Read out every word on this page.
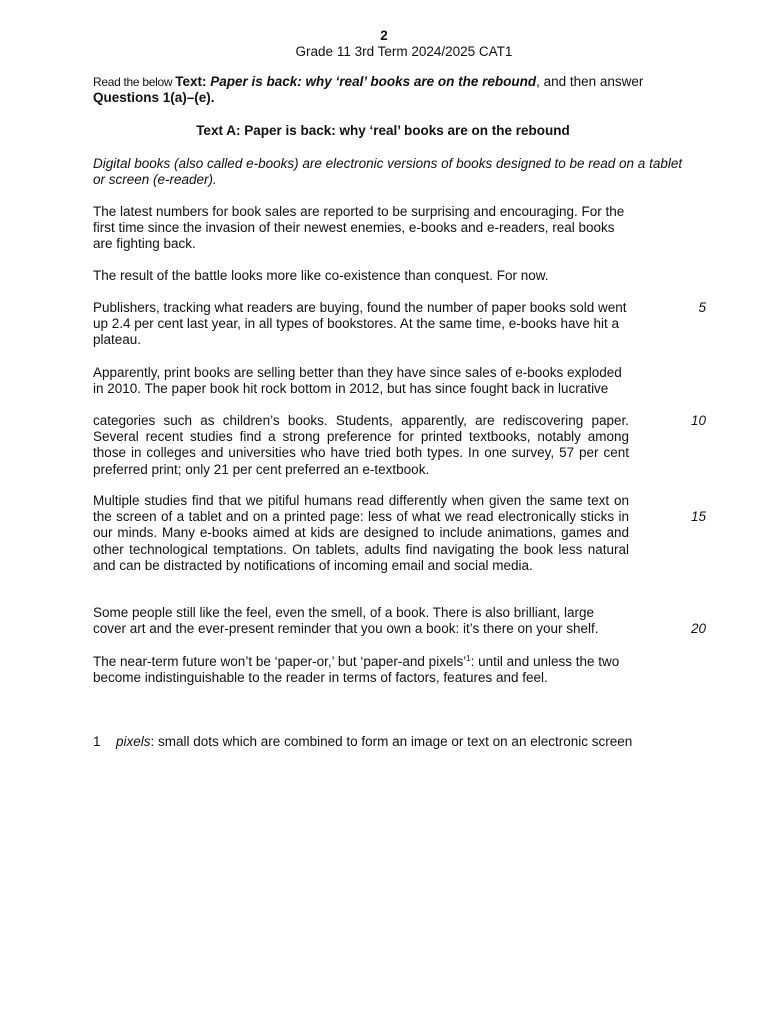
2
Grade 11 3rd Term 2024/2025 CAT1
Read the below Text: Paper is back: why ‘real’ books are on the rebound, and then answer
Questions 1(a)–(e).
Text A: Paper is back: why ‘real’ books are on the rebound
Digital books (also called e-books) are electronic versions of books designed to be read on a tablet or screen (e-reader).
The latest numbers for book sales are reported to be surprising and encouraging. For the first time since the invasion of their newest enemies, e-books and e-readers, real books are fighting back.
The result of the battle looks more like co-existence than conquest. For now.
Publishers, tracking what readers are buying, found the number of paper books sold went up 2.4 per cent last year, in all types of bookstores. At the same time, e-books have hit a plateau.
Apparently, print books are selling better than they have since sales of e-books exploded in 2010. The paper book hit rock bottom in 2012, but has since fought back in lucrative
categories such as children’s books. Students, apparently, are rediscovering paper. Several recent studies find a strong preference for printed textbooks, notably among those in colleges and universities who have tried both types. In one survey, 57 per cent preferred print; only 21 per cent preferred an e-textbook.
Multiple studies find that we pitiful humans read differently when given the same text on the screen of a tablet and on a printed page: less of what we read electronically sticks in our minds. Many e-books aimed at kids are designed to include animations, games and other technological temptations. On tablets, adults find navigating the book less natural and can be distracted by notifications of incoming email and social media.
Some people still like the feel, even the smell, of a book. There is also brilliant, large cover art and the ever-present reminder that you own a book: it’s there on your shelf.
The near-term future won’t be ‘paper-or,’ but ‘paper-and pixels’$^1$: until and unless the two become indistinguishable to the reader in terms of factors, features and feel.
5
10
15
20
1 pixels: small dots which are combined to form an image or text on an electronic screen
